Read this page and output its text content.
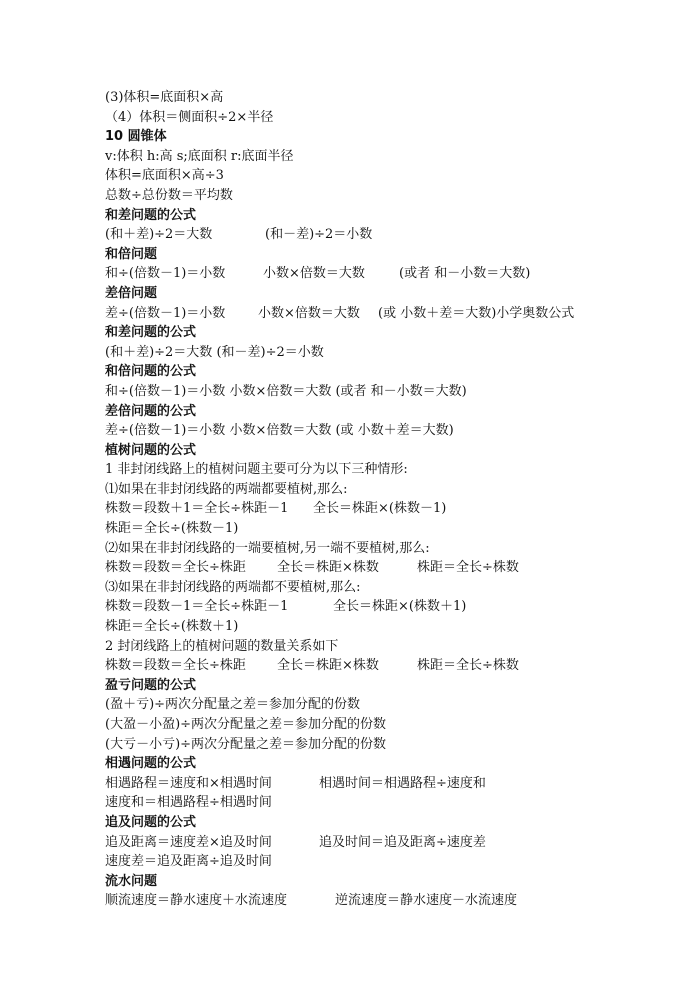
(3)体积=底面积×高
（4）体积＝侧面积÷2×半径
10 圆锥体
v:体积 h:高 s;底面积 r:底面半径
体积=底面积×高÷3
总数÷总份数＝平均数
和差问题的公式
(和＋差)÷2＝大数	(和－差)÷2＝小数
和倍问题
和÷(倍数－1)＝小数	小数×倍数＝大数	(或者 和－小数＝大数)
差倍问题
差÷(倍数－1)＝小数	小数×倍数＝大数 (或 小数＋差＝大数)小学奥数公式
和差问题的公式
(和＋差)÷2＝大数 (和－差)÷2＝小数
和倍问题的公式
和÷(倍数－1)＝小数 小数×倍数＝大数 (或者 和－小数＝大数)
差倍问题的公式
差÷(倍数－1)＝小数 小数×倍数＝大数 (或 小数＋差＝大数)
植树问题的公式
1 非封闭线路上的植树问题主要可分为以下三种情形:
⑴如果在非封闭线路的两端都要植树,那么:
株数＝段数＋1＝全长÷株距－1 全长＝株距×(株数－1)
株距＝全长÷(株数－1)
⑵如果在非封闭线路的一端要植树,另一端不要植树,那么:
株数＝段数＝全长÷株距 全长＝株距×株数	株距＝全长÷株数
⑶如果在非封闭线路的两端都不要植树,那么:
株数＝段数－1＝全长÷株距－1	全长＝株距×(株数＋1)
株距＝全长÷(株数＋1)
2 封闭线路上的植树问题的数量关系如下
株数＝段数＝全长÷株距 全长＝株距×株数	株距＝全长÷株数
盈亏问题的公式
(盈＋亏)÷两次分配量之差＝参加分配的份数
(大盈－小盈)÷两次分配量之差＝参加分配的份数
(大亏－小亏)÷两次分配量之差＝参加分配的份数
相遇问题的公式
相遇路程＝速度和×相遇时间	相遇时间＝相遇路程÷速度和
速度和＝相遇路程÷相遇时间
追及问题的公式
追及距离＝速度差×追及时间	追及时间＝追及距离÷速度差
速度差＝追及距离÷追及时间
流水问题
顺流速度＝静水速度＋水流速度	逆流速度＝静水速度－水流速度
